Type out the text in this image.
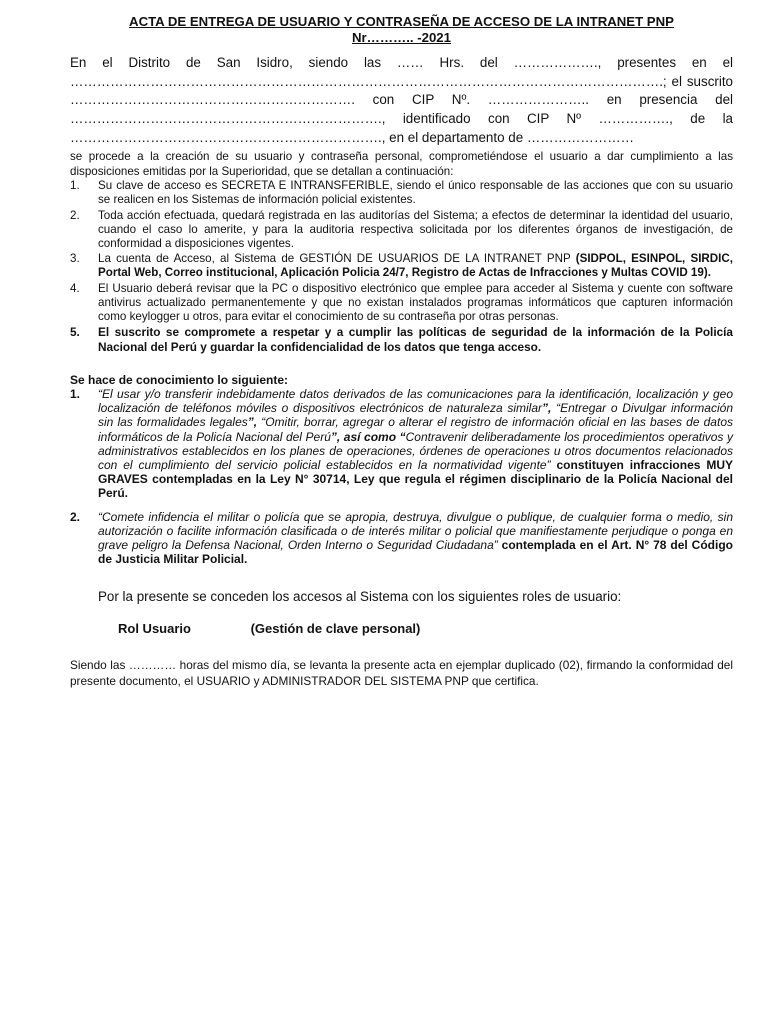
ACTA DE ENTREGA DE USUARIO Y CONTRASEÑA DE ACCESO DE LA INTRANET PNP
Nr……….. -2021
En el Distrito de San Isidro, siendo las …… Hrs. del ………………., presentes en el …………………………………………………………………………………………………………………….; el suscrito ………………………………………………………. con CIP Nº. ………………….. en presencia del ……………………………………………………………., identificado con CIP Nº ……………., de la ……………………………………………………………., en el departamento de ……………………
se procede a la creación de su usuario y contraseña personal, comprometiéndose el usuario a dar cumplimiento a las disposiciones emitidas por la Superioridad, que se detallan a continuación:
1. Su clave de acceso es SECRETA E INTRANSFERIBLE, siendo el único responsable de las acciones que con su usuario se realicen en los Sistemas de información policial existentes.
2. Toda acción efectuada, quedará registrada en las auditorías del Sistema; a efectos de determinar la identidad del usuario, cuando el caso lo amerite, y para la auditoria respectiva solicitada por los diferentes órganos de investigación, de conformidad a disposiciones vigentes.
3. La cuenta de Acceso, al Sistema de GESTIÓN DE USUARIOS DE LA INTRANET PNP (SIDPOL, ESINPOL, SIRDIC, Portal Web, Correo institucional, Aplicación Policia 24/7, Registro de Actas de Infracciones y Multas COVID 19).
4. El Usuario deberá revisar que la PC o dispositivo electrónico que emplee para acceder al Sistema y cuente con software antivirus actualizado permanentemente y que no existan instalados programas informáticos que capturen información como keylogger u otros, para evitar el conocimiento de su contraseña por otras personas.
5. El suscrito se compromete a respetar y a cumplir las políticas de seguridad de la información de la Policía Nacional del Perú y guardar la confidencialidad de los datos que tenga acceso.
Se hace de conocimiento lo siguiente:
1. “El usar y/o transferir indebidamente datos derivados de las comunicaciones para la identificación, localización y geo localización de teléfonos móviles o dispositivos electrónicos de naturaleza similar”, “Entregar o Divulgar información sin las formalidades legales”, “Omitir, borrar, agregar o alterar el registro de información oficial en las bases de datos informáticos de la Policía Nacional del Perú”, así como “Contravenir deliberadamente los procedimientos operativos y administrativos establecidos en los planes de operaciones, órdenes de operaciones u otros documentos relacionados con el cumplimiento del servicio policial establecidos en la normatividad vigente” constituyen infracciones MUY GRAVES contempladas en la Ley N° 30714, Ley que regula el régimen disciplinario de la Policía Nacional del Perú.
2. “Comete infidencia el militar o policía que se apropia, destruya, divulgue o publique, de cualquier forma o medio, sin autorización o facilite información clasificada o de interés militar o policial que manifiestamente perjudique o ponga en grave peligro la Defensa Nacional, Orden Interno o Seguridad Ciudadana” contemplada en el Art. N° 78 del Código de Justicia Militar Policial.
Por la presente se conceden los accesos al Sistema con los siguientes roles de usuario:
Rol Usuario	(Gestión de clave personal)
Siendo las ………… horas del mismo día, se levanta la presente acta en ejemplar duplicado (02), firmando la conformidad del presente documento, el USUARIO y ADMINISTRADOR DEL SISTEMA PNP que certifica.
